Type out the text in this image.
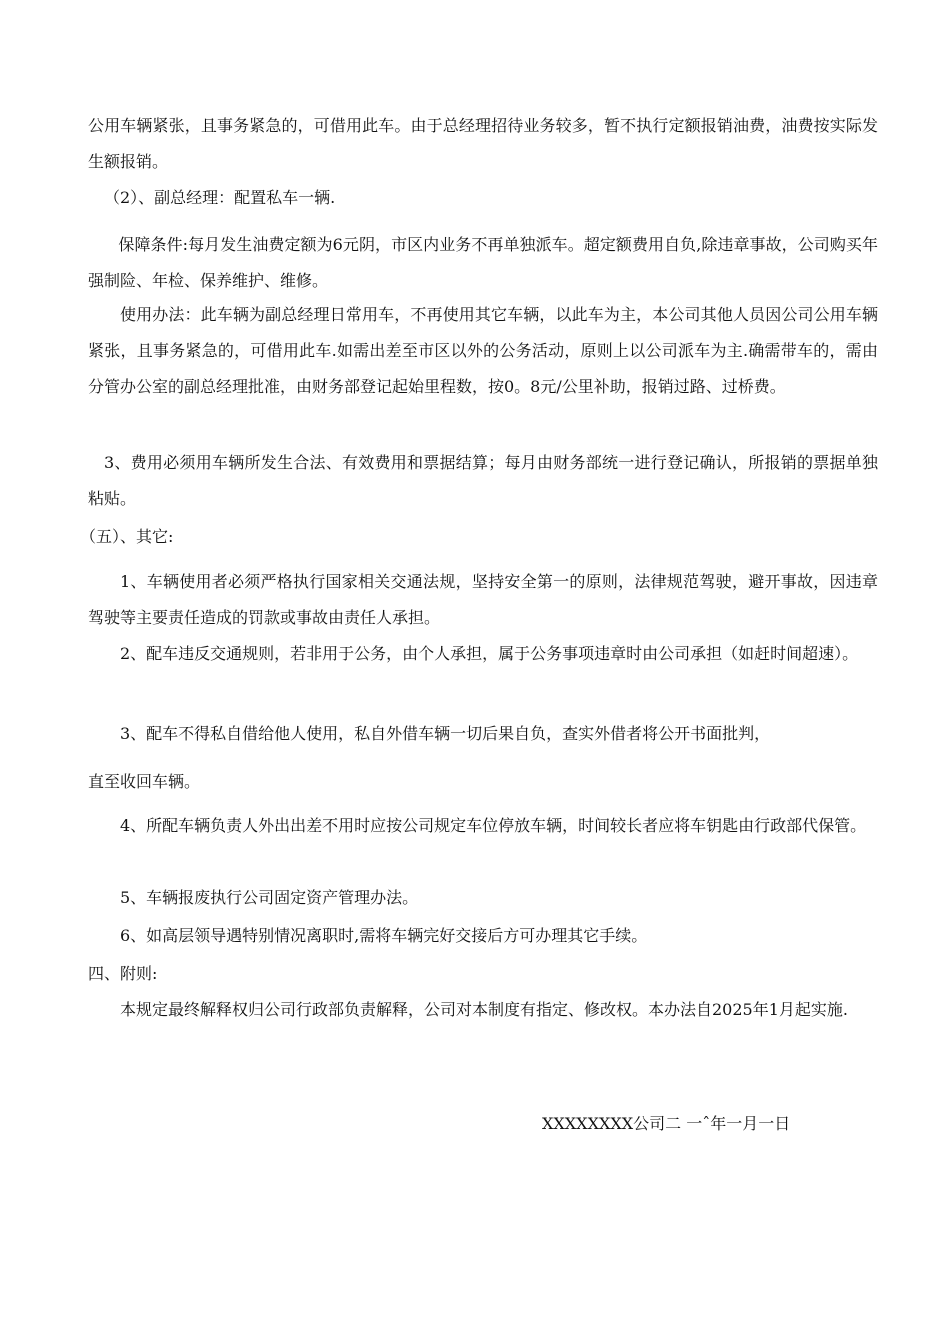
公用车辆紧张，且事务紧急的，可借用此车。由于总经理招待业务较多，暂不执行定额报销油费，油费按实际发生额报销。

（2）、副总经理：配置私车一辆.

保障条件:每月发生油费定额为6元阴，市区内业务不再单独派车。超定额费用自负,除违章事故，公司购买年强制险、年检、保养维护、维修。

使用办法：此车辆为副总经理日常用车，不再使用其它车辆，以此车为主，本公司其他人员因公司公用车辆紧张，且事务紧急的，可借用此车.如需出差至市区以外的公务活动，原则上以公司派车为主.确需带车的，需由分管办公室的副总经理批准，由财务部登记起始里程数，按0。8元/公里补助，报销过路、过桥费。

3、费用必须用车辆所发生合法、有效费用和票据结算；每月由财务部统一进行登记确认，所报销的票据单独粘贴。

（五）、其它:

1、车辆使用者必须严格执行国家相关交通法规，坚持安全第一的原则，法律规范驾驶，避开事故，因违章驾驶等主要责任造成的罚款或事故由责任人承担。

2、配车违反交通规则，若非用于公务，由个人承担，属于公务事项违章时由公司承担（如赶时间超速）。

3、配车不得私自借给他人使用，私自外借车辆一切后果自负，查实外借者将公开书面批判，

直至收回车辆。

4、所配车辆负责人外出出差不用时应按公司规定车位停放车辆，时间较长者应将车钥匙由行政部代保管。

5、车辆报废执行公司固定资产管理办法。

6、如高层领导遇特别情况离职时,需将车辆完好交接后方可办理其它手续。

四、附则:

本规定最终解释权归公司行政部负责解释，公司对本制度有指定、修改权。本办法自2025年1月起实施.

XXXXXXXX公司二 一ˆ年一月一日
